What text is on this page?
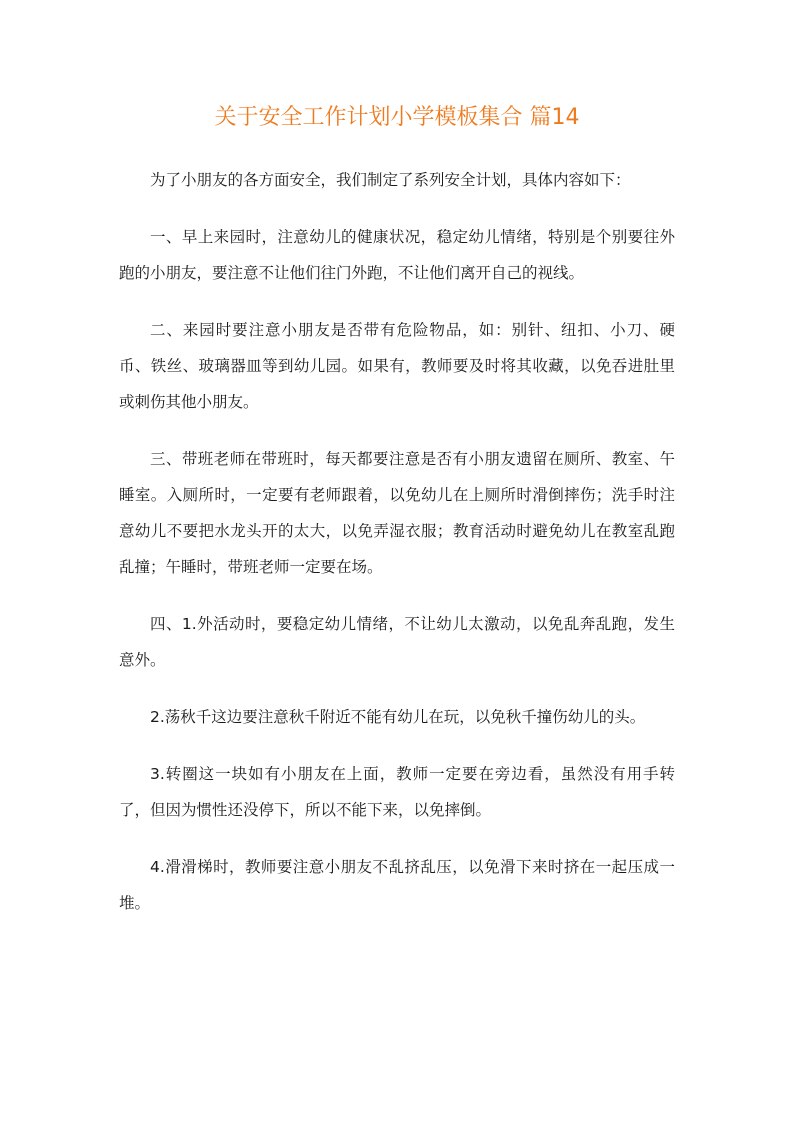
关于安全工作计划小学模板集合 篇14

为了小朋友的各方面安全，我们制定了系列安全计划，具体内容如下：

一、早上来园时，注意幼儿的健康状况，稳定幼儿情绪，特别是个别要往外跑的小朋友，要注意不让他们往门外跑，不让他们离开自己的视线。

二、来园时要注意小朋友是否带有危险物品，如：别针、纽扣、小刀、硬币、铁丝、玻璃器皿等到幼儿园。如果有，教师要及时将其收藏，以免吞进肚里或刺伤其他小朋友。

三、带班老师在带班时，每天都要注意是否有小朋友遗留在厕所、教室、午睡室。入厕所时，一定要有老师跟着，以免幼儿在上厕所时滑倒摔伤；洗手时注意幼儿不要把水龙头开的太大，以免弄湿衣服；教育活动时避免幼儿在教室乱跑乱撞；午睡时，带班老师一定要在场。

四、1.外活动时，要稳定幼儿情绪，不让幼儿太激动，以免乱奔乱跑，发生意外。

2.荡秋千这边要注意秋千附近不能有幼儿在玩，以免秋千撞伤幼儿的头。

3.转圈这一块如有小朋友在上面，教师一定要在旁边看，虽然没有用手转了，但因为惯性还没停下，所以不能下来，以免摔倒。

4.滑滑梯时，教师要注意小朋友不乱挤乱压，以免滑下来时挤在一起压成一堆。
